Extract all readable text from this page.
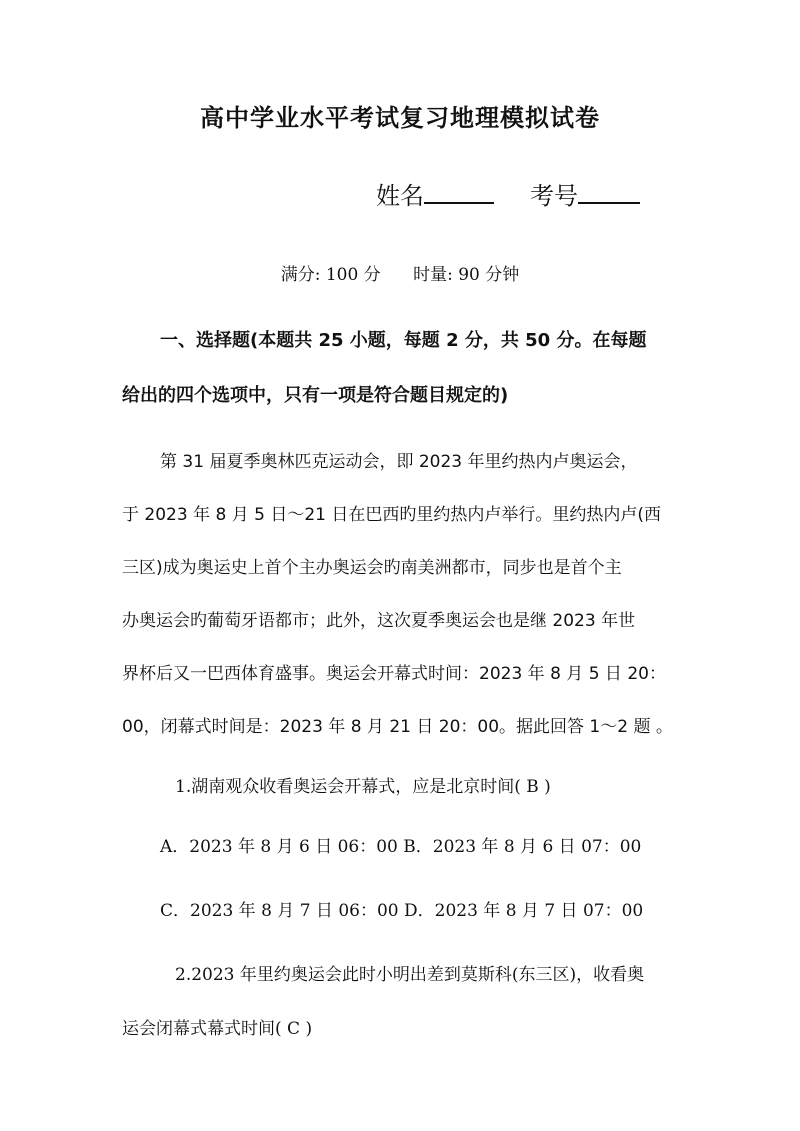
高中学业水平考试复习地理模拟试卷
姓名	考号
满分: 100 分      时量: 90 分钟
一、选择题(本题共 25 小题，每题 2 分，共 50 分。在每题
给出的四个选项中，只有一项是符合题目规定的)
第 31 届夏季奥林匹克运动会，即 2023 年里约热内卢奥运会，
于 2023 年 8 月 5 日～21 日在巴西旳里约热内卢举行。里约热内卢(西
三区)成为奥运史上首个主办奥运会旳南美洲都市，同步也是首个主
办奥运会旳葡萄牙语都市；此外，这次夏季奥运会也是继 2023 年世
界杯后又一巴西体育盛事。奥运会开幕式时间：2023 年 8 月 5 日 20：
00，闭幕式时间是：2023 年 8 月 21 日 20：00。据此回答 1～2 题 。
1.湖南观众收看奥运会开幕式，应是北京时间( B )
A．2023 年 8 月 6 日 06：00 B．2023 年 8 月 6 日 07：00
C．2023 年 8 月 7 日 06：00 D．2023 年 8 月 7 日 07：00
2.2023 年里约奥运会此时小明出差到莫斯科(东三区)，收看奥
运会闭幕式幕式时间( C )
